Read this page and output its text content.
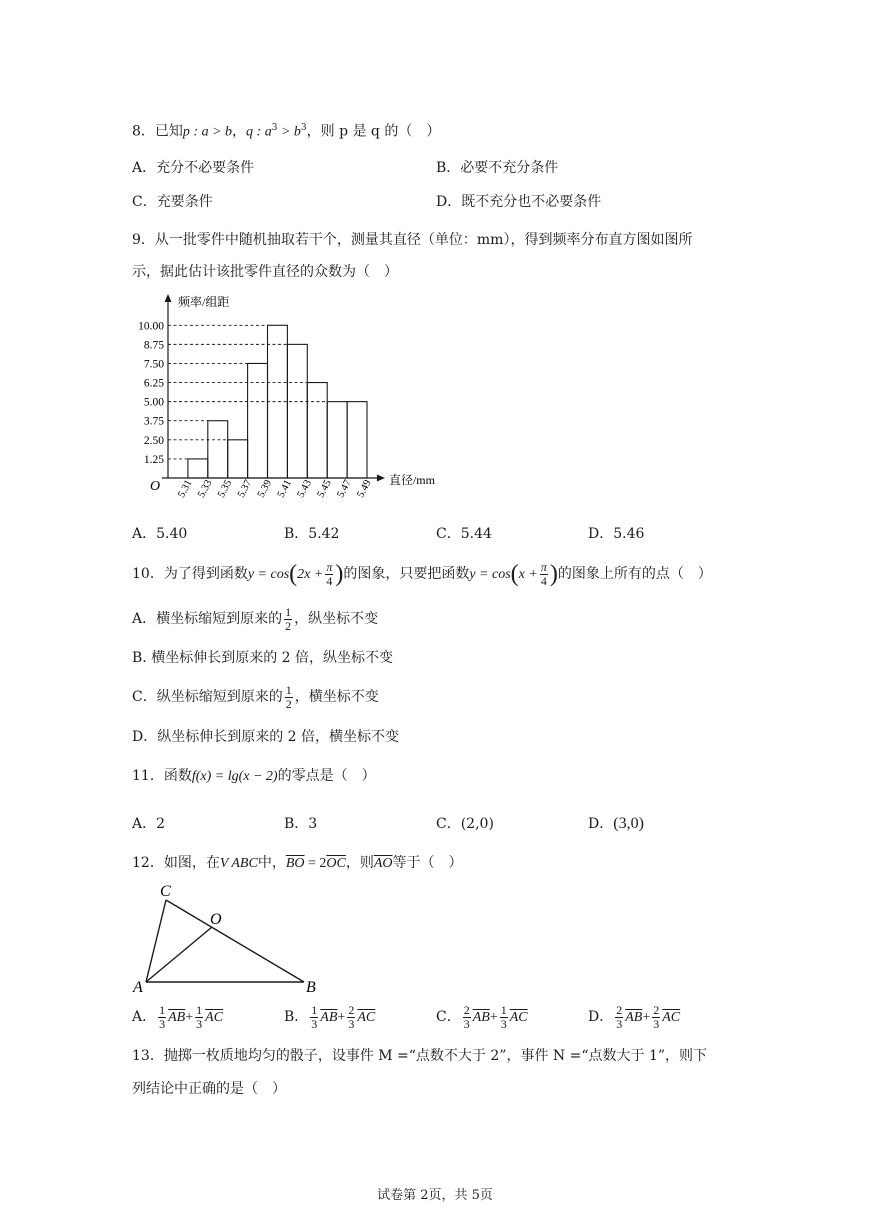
8．已知p : a > b，q : $a^3 > b^3$，则 p 是 q 的（　）
A．充分不必要条件	B．必要不充分条件
C．充要条件	D．既不充分也不必要条件
9．从一批零件中随机抽取若干个，测量其直径（单位：mm），得到频率分布直方图如图所
示，据此估计该批零件直径的众数为（　）
1.25
2.50
3.75
5.00
6.25
7.50
8.75
10.00
5.31 5.33 5.35 5.37 5.39 5.41 5.43 5.45 5.47 5.49
O
频率/组距
直径/mm
A．5.40	B．5.42	C．5.44	D．5.46
10．为了得到函数$y = \cos(2x + \frac{\pi}{4}$ )的图象，只要把函数$y = \cos(x + \frac{\pi}{4}$ )的图象上所有的点（　）
A．横坐标缩短到原来的 $\frac{1}{2}$ ，纵坐标不变
B. 横坐标伸长到原来的 2 倍，纵坐标不变
C．纵坐标缩短到原来的 $\frac{1}{2}$ ，横坐标不变
D．纵坐标伸长到原来的 2 倍，横坐标不变
11．函数f(x) = lg(x − 2)的零点是（　）
A．2	B．3	C．(2,0)	D．(3,0)
12．如图，在V ABC中，$\overline{BO} = 2\overline{OC}$，则$\overline{AO}$等于（　）
C
O
A	B
A． $\frac{1}{3} \overline{AB}+ \frac{1}{3} \overline{AC}$	B． $\frac{1}{3} \overline{AB}+ \frac{2}{3} \overline{AC}$	C． $\frac{2}{3} \overline{AB}+ \frac{1}{3} \overline{AC}$	D． $\frac{2}{3} \overline{AB}+ \frac{2}{3} \overline{AC}$
13．抛掷一枚质地均匀的骰子，设事件 M =“点数不大于 2”，事件 N =“点数大于 1”，则下
列结论中正确的是（　）
试卷第 2页，共 5页
